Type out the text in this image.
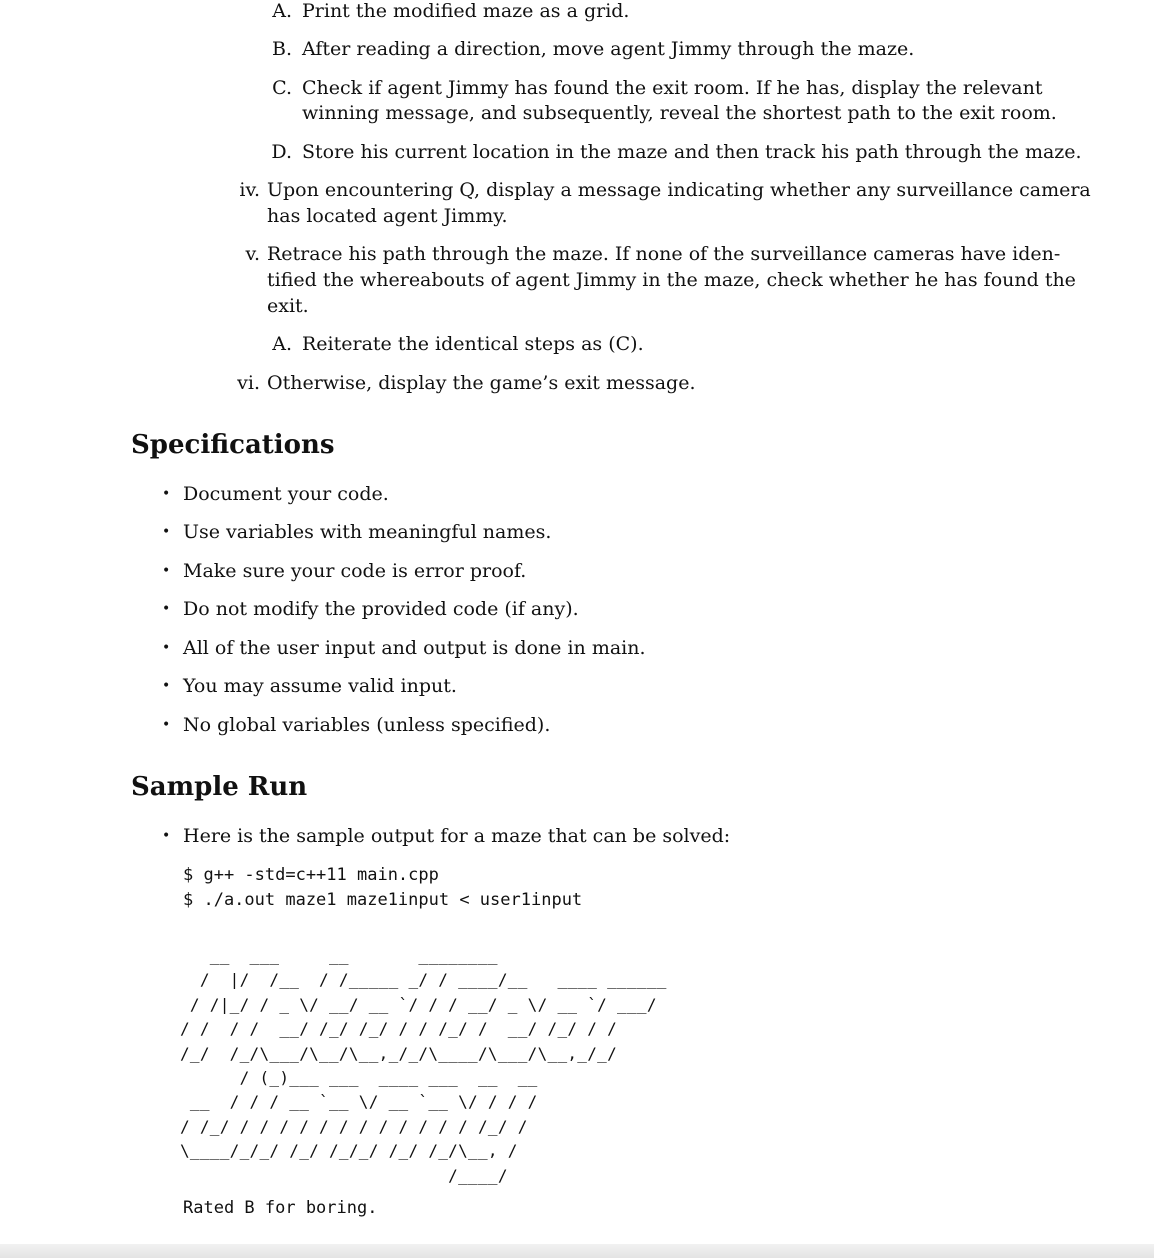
A. Print the modified maze as a grid.
B. After reading a direction, move agent Jimmy through the maze.
C. Check if agent Jimmy has found the exit room. If he has, display the relevant
winning message, and subsequently, reveal the shortest path to the exit room.
D. Store his current location in the maze and then track his path through the maze.
iv. Upon encountering Q, display a message indicating whether any surveillance camera
has located agent Jimmy.
v. Retrace his path through the maze. If none of the surveillance cameras have iden-
tified the whereabouts of agent Jimmy in the maze, check whether he has found the
exit.
A. Reiterate the identical steps as (C).
vi. Otherwise, display the game’s exit message.
Specifications
• Document your code.
• Use variables with meaningful names.
• Make sure your code is error proof.
• Do not modify the provided code (if any).
• All of the user input and output is done in main.
• You may assume valid input.
• No global variables (unless specified).
Sample Run
• Here is the sample output for a maze that can be solved:
$ g++ -std=c++11 main.cpp
$ ./a.out maze1 maze1input < user1input
__  ___     __       ________
/  |/  /__  / /_____ _/ / ____/__   ____ ______
/ /|_/ / _ \/ __/ __ `/ / / __/ _ \/ __ `/ ___/
/ /  / /  __/ /_/ /_/ / / /_/ /  __/ /_/ / /
/_/  /_/\___/\__/\__,_/_/\____/\___/\__,_/_/
/ (_)___ ___  ____ ___  __  __
__  / / / __ `__ \/ __ `__ \/ / / /
/ /_/ / / / / / / / / / / / / /_/ /
\____/_/_/ /_/ /_/_/ /_/ /_/\__, /
/____/
Rated B for boring.
